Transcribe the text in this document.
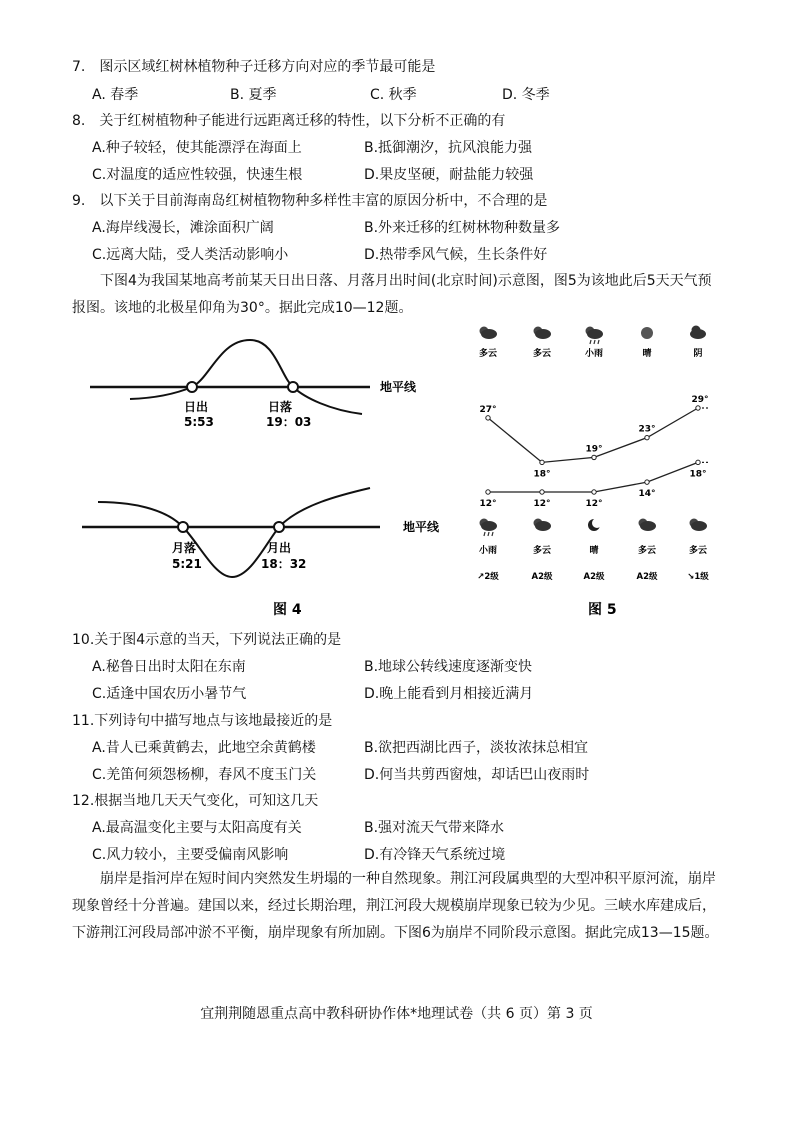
7.　图示区域红树林植物种子迁移方向对应的季节最可能是
A. 春季	B. 夏季	C. 秋季	D. 冬季
8.　关于红树植物种子能进行远距离迁移的特性，以下分析不正确的有
A.种子较轻，使其能漂浮在海面上	B.抵御潮汐，抗风浪能力强
C.对温度的适应性较强，快速生根	D.果皮坚硬，耐盐能力较强
9.　以下关于目前海南岛红树植物物种多样性丰富的原因分析中，不合理的是
A.海岸线漫长，滩涂面积广阔	B.外来迁移的红树林物种数量多
C.远离大陆，受人类活动影响小	D.热带季风气候，生长条件好
下图4为我国某地高考前某天日出日落、月落月出时间(北京时间)示意图，图5为该地此后5天天气预报图。该地的北极星仰角为30°。据此完成10—12题。
地平线
日出
5:53
日落
19：03
地平线
月落
5:21
月出
18：32
图 4
多云	多云	小雨	晴	阴
27°
18°
19°
23°
29°
12°	12°	12°
14°
18°
小雨	多云	晴	多云	多云
↗2级	A2级	A2级	A2级	↘1级
图 5
10.关于图4示意的当天，下列说法正确的是
A.秘鲁日出时太阳在东南	B.地球公转线速度逐渐变快
C.适逢中国农历小暑节气	D.晚上能看到月相接近满月
11.下列诗句中描写地点与该地最接近的是
A.昔人已乘黄鹤去，此地空余黄鹤楼	B.欲把西湖比西子，淡妆浓抹总相宜
C.羌笛何须怨杨柳，春风不度玉门关	D.何当共剪西窗烛，却话巴山夜雨时
12.根据当地几天天气变化，可知这几天
A.最高温变化主要与太阳高度有关	B.强对流天气带来降水
C.风力较小，主要受偏南风影响	D.有冷锋天气系统过境
崩岸是指河岸在短时间内突然发生坍塌的一种自然现象。荆江河段属典型的大型冲积平原河流，崩岸现象曾经十分普遍。建国以来，经过长期治理，荆江河段大规模崩岸现象已较为少见。三峡水库建成后，下游荆江河段局部冲淤不平衡，崩岸现象有所加剧。下图6为崩岸不同阶段示意图。据此完成13—15题。
宜荆荆随恩重点高中教科研协作体*地理试卷（共 6 页）第 3 页
